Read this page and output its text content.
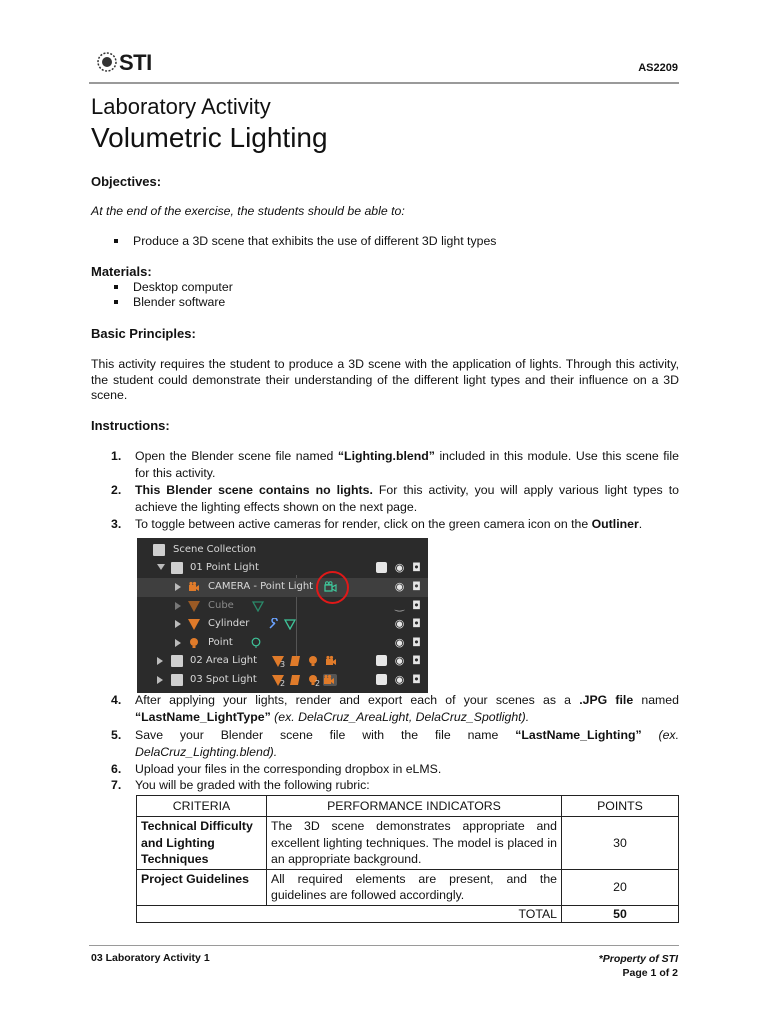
STI	AS2209
Laboratory Activity
Volumetric Lighting
Objectives:
At the end of the exercise, the students should be able to:
Produce a 3D scene that exhibits the use of different 3D light types
Materials:
Desktop computer
Blender software
Basic Principles:
This activity requires the student to produce a 3D scene with the application of lights. Through this activity, the student could demonstrate their understanding of the different light types and their influence on a 3D scene.
Instructions:
1. Open the Blender scene file named “Lighting.blend” included in this module. Use this scene file for this activity.
2. This Blender scene contains no lights. For this activity, you will apply various light types to achieve the lighting effects shown on the next page.
3. To toggle between active cameras for render, click on the green camera icon on the Outliner.
Scene Collection
01 Point Light	◉ ◘
CAMERA - Point Light	◉ ◘
Cube	‿ ◘
Cylinder	◉ ◘
Point	◉ ◘
02 Area Light	3	◉ ◘
03 Spot Light	2	2	◉ ◘
4. After applying your lights, render and export each of your scenes as a .JPG file named “LastName_LightType” (ex. DelaCruz_AreaLight, DelaCruz_Spotlight).
5. Save your Blender scene file with the file name “LastName_Lighting” (ex. DelaCruz_Lighting.blend).
6. Upload your files in the corresponding dropbox in eLMS.
7. You will be graded with the following rubric:
CRITERIA	PERFORMANCE INDICATORS	POINTS
Technical Difficulty and Lighting Techniques	The 3D scene demonstrates appropriate and excellent lighting techniques. The model is placed in an appropriate background.	30
Project Guidelines	All required elements are present, and the guidelines are followed accordingly.	20
TOTAL		50
03 Laboratory Activity 1	*Property of STI
Page 1 of 2
